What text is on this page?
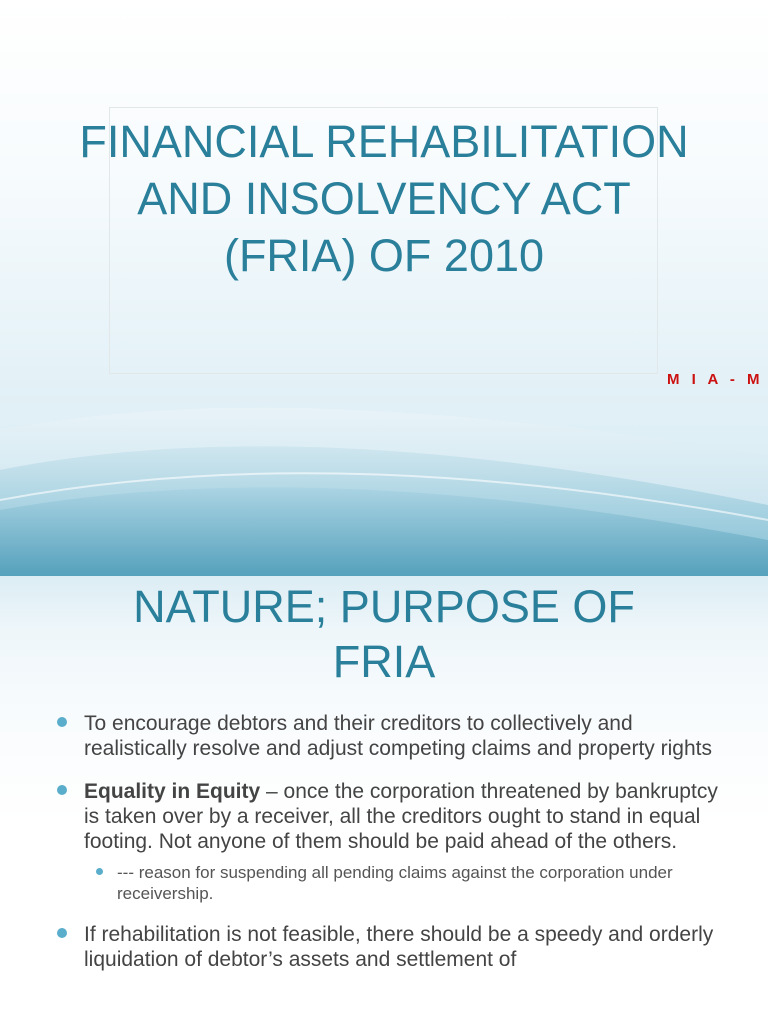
FINANCIAL REHABILITATION
AND INSOLVENCY ACT
(FRIA) OF 2010
M I A - M
NATURE; PURPOSE OF
FRIA
To encourage debtors and their creditors to collectively and realistically resolve and adjust competing claims and property rights
Equality in Equity – once the corporation threatened by bankruptcy is taken over by a receiver, all the creditors ought to stand in equal footing. Not anyone of them should be paid ahead of the others.
--- reason for suspending all pending claims against the corporation under receivership.
If rehabilitation is not feasible, there should be a speedy and orderly liquidation of debtor’s assets and settlement of
